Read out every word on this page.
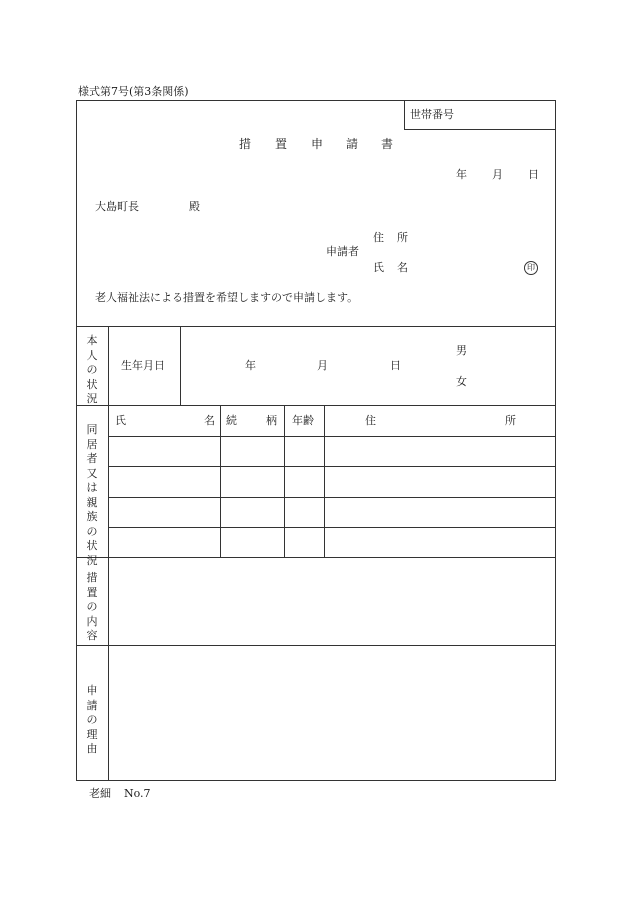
様式第7号(第3条関係)
世帯番号
措 置 申 請 書
年 月 日
大島町長	殿
申請者
住 所
氏 名	印
老人福祉法による措置を希望しますので申請します。
本人の状況
生年月日	年	月	日
男
女
同居者又は親族の状況
氏	名 続	柄 年齢	住	所
措置の内容
申請の理由
老細 No.7
